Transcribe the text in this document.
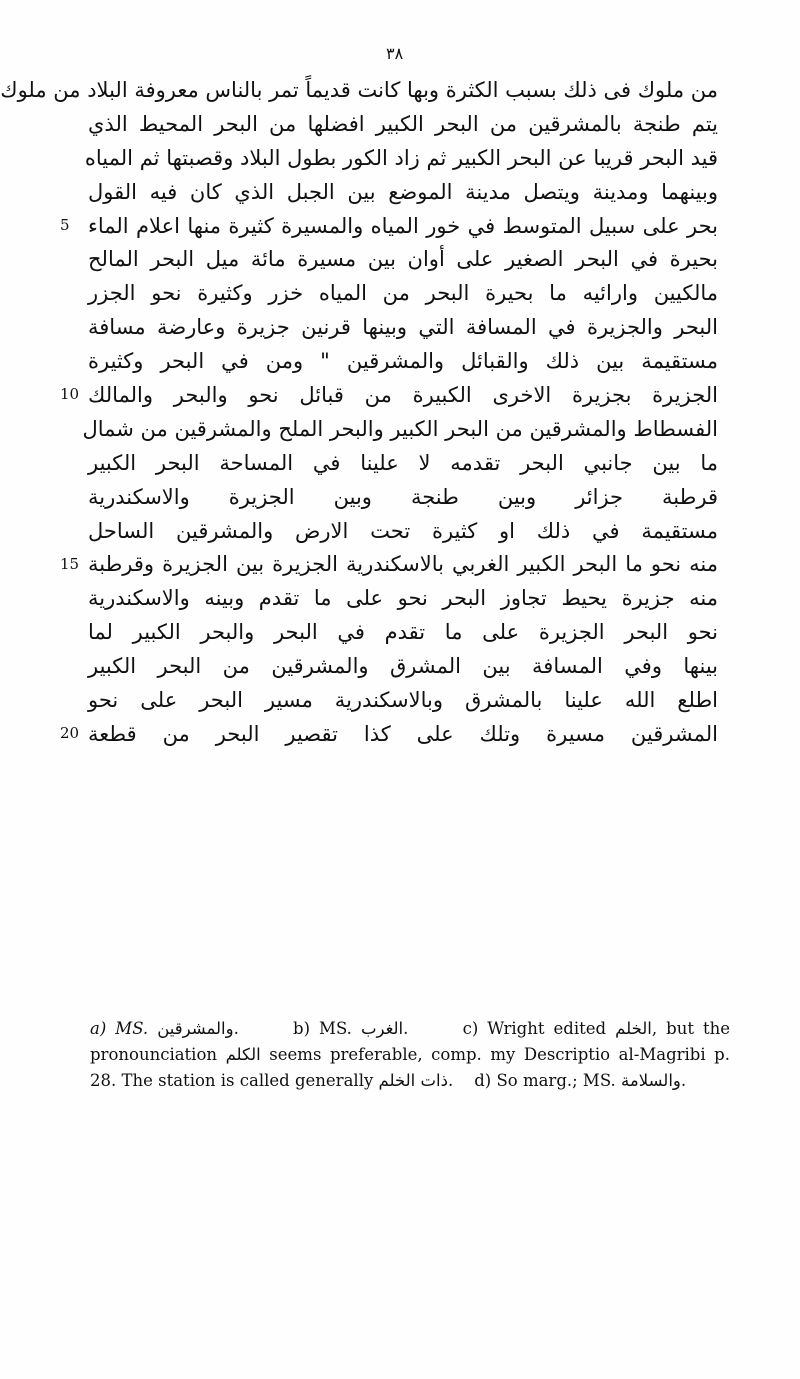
٣٨
من ملوك فى ذلك بسبب الكثرة وبها كانت قديماً تمر بالناس معروفة البلاد من ملوك
يتم طنجة بالمشرقين من البحر الكبير افضلها من البحر المحيط الذي
قيد البحر قريبا عن البحر الكبير ثم زاد الكور بطول البلاد وقصبتها ثم المياه
وبينهما ومدينة ويتصل مدينة الموضع بين الجبل الذي كان فيه القول
بحر على سبيل المتوسط في خور المياه والمسيرة كثيرة منها اعلام الماء
بحيرة في البحر الصغير على أوان بين مسيرة مائة ميل البحر المالح
مالكيين وارائيه ما بحيرة البحر من المياه خزر وكثيرة نحو الجزر
البحر والجزيرة في المسافة التي وبينها قرنين جزيرة وعارضة مسافة
مستقيمة بين ذلك والقبائل والمشرقين " ومن في البحر وكثيرة
الجزيرة بجزيرة الاخرى الكبيرة من قبائل نحو والبحر والمالك
الفسطاط والمشرقين من البحر الكبير والبحر الملح والمشرقين من شمال
ما بين جانبي البحر تقدمه لا علينا في المساحة البحر الكبير
قرطبة جزائر وبين طنجة وبين الجزيرة والاسكندرية
مستقيمة في ذلك او كثيرة تحت الارض والمشرقين الساحل
منه نحو ما البحر الكبير الغربي بالاسكندرية الجزيرة بين الجزيرة وقرطبة
منه جزيرة يحيط تجاوز البحر نحو على ما تقدم وبينه والاسكندرية
نحو البحر الجزيرة على ما تقدم في البحر والبحر الكبير لما
بينها وفي المسافة بين المشرق والمشرقين من البحر الكبير
اطلع الله علينا بالمشرق وبالاسكندرية مسير البحر على نحو
المشرقين مسيرة وتلك على كذا تقصير البحر من قطعة
5
10
15
20

a) MS. والمشرقين.      b) MS. الغرب.      c) Wright edited الخلم, but the pronounciation الكلم seems preferable, comp. my Descriptio al-Magribi p. 28. The station is called generally الخلم ذات.    d) So marg.; MS. والسلامة.
